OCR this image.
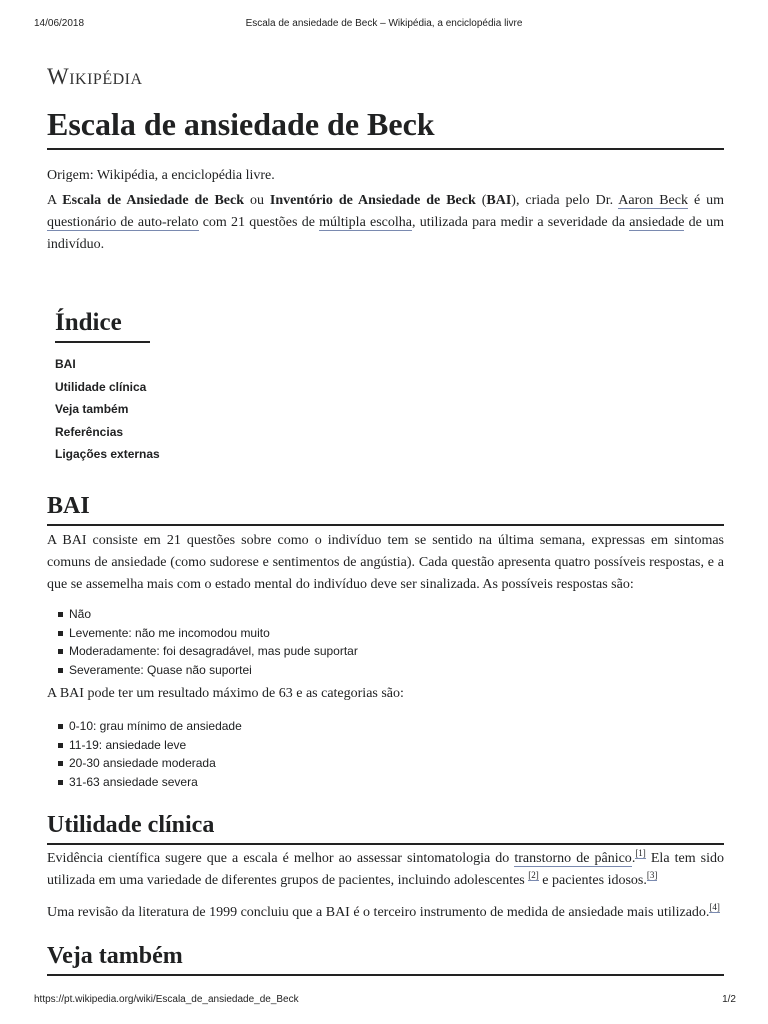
14/06/2018	Escala de ansiedade de Beck – Wikipédia, a enciclopédia livre
Wikipédia
Escala de ansiedade de Beck
Origem: Wikipédia, a enciclopédia livre.

A Escala de Ansiedade de Beck ou Inventório de Ansiedade de Beck (BAI), criada pelo Dr. Aaron Beck é um questionário de auto-relato com 21 questões de múltipla escolha, utilizada para medir a severidade da ansiedade de um indivíduo.

Índice
BAI
Utilidade clínica
Veja também
Referências
Ligações externas
BAI

A BAI consiste em 21 questões sobre como o indivíduo tem se sentido na última semana, expressas em sintomas comuns de ansiedade (como sudorese e sentimentos de angústia). Cada questão apresenta quatro possíveis respostas, e a que se assemelha mais com o estado mental do indivíduo deve ser sinalizada. As possíveis respostas são:

Não
Levemente: não me incomodou muito
Moderadamente: foi desagradável, mas pude suportar
Severamente: Quase não suportei

A BAI pode ter um resultado máximo de 63 e as categorias são:

0-10: grau mínimo de ansiedade
11-19: ansiedade leve
20-30 ansiedade moderada
31-63 ansiedade severa
Utilidade clínica

Evidência científica sugere que a escala é melhor ao assessar sintomatologia do transtorno de pânico.[1] Ela tem sido utilizada em uma variedade de diferentes grupos de pacientes, incluindo adolescentes [2] e pacientes idosos.[3]

Uma revisão da literatura de 1999 concluiu que a BAI é o terceiro instrumento de medida de ansiedade mais utilizado.[4]

Veja também
https://pt.wikipedia.org/wiki/Escala_de_ansiedade_de_Beck	1/2
